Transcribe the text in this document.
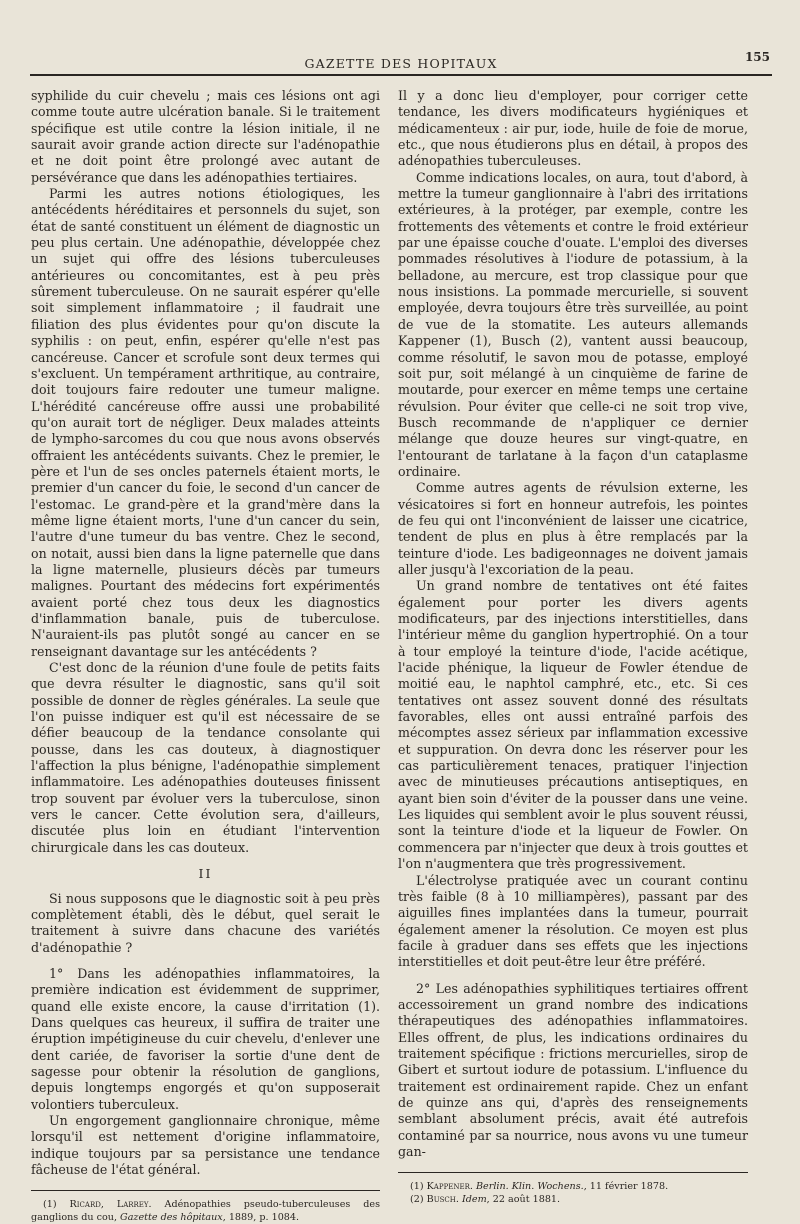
GAZETTE DES HOPITAUX	155

syphilide du cuir chevelu ; mais ces lésions ont agi comme toute autre ulcération banale. Si le traitement spécifique est utile contre la lésion initiale, il ne saurait avoir grande action directe sur l'adénopathie et ne doit point être prolongé avec autant de persévérance que dans les adénopathies tertiaires.

Parmi les autres notions étiologiques, les antécédents héréditaires et personnels du sujet, son état de santé constituent un élément de diagnostic un peu plus certain. Une adénopathie, développée chez un sujet qui offre des lésions tuberculeuses antérieures ou concomitantes, est à peu près sûrement tuberculeuse. On ne saurait espérer qu'elle soit simplement inflammatoire ; il faudrait une filiation des plus évidentes pour qu'on discute la syphilis : on peut, enfin, espérer qu'elle n'est pas cancéreuse. Cancer et scrofule sont deux termes qui s'excluent. Un tempérament arthritique, au contraire, doit toujours faire redouter une tumeur maligne. L'hérédité cancéreuse offre aussi une probabilité qu'on aurait tort de négliger. Deux malades atteints de lympho-sarcomes du cou que nous avons observés offraient les antécédents suivants. Chez le premier, le père et l'un de ses oncles paternels étaient morts, le premier d'un cancer du foie, le second d'un cancer de l'estomac. Le grand-père et la grand'mère dans la même ligne étaient morts, l'une d'un cancer du sein, l'autre d'une tumeur du bas ventre. Chez le second, on notait, aussi bien dans la ligne paternelle que dans la ligne maternelle, plusieurs décès par tumeurs malignes. Pourtant des médecins fort expérimentés avaient porté chez tous deux les diagnostics d'inflammation banale, puis de tuberculose. N'auraient-ils pas plutôt songé au cancer en se renseignant davantage sur les antécédents ?

C'est donc de la réunion d'une foule de petits faits que devra résulter le diagnostic, sans qu'il soit possible de donner de règles générales. La seule que l'on puisse indiquer est qu'il est nécessaire de se défier beaucoup de la tendance consolante qui pousse, dans les cas douteux, à diagnostiquer l'affection la plus bénigne, l'adénopathie simplement inflammatoire. Les adénopathies douteuses finissent trop souvent par évoluer vers la tuberculose, sinon vers le cancer. Cette évolution sera, d'ailleurs, discutée plus loin en étudiant l'intervention chirurgicale dans les cas douteux.

II

Si nous supposons que le diagnostic soit à peu près complètement établi, dès le début, quel serait le traitement à suivre dans chacune des variétés d'adénopathie ?

1° Dans les adénopathies inflammatoires, la première indication est évidemment de supprimer, quand elle existe encore, la cause d'irritation (1). Dans quelques cas heureux, il suffira de traiter une éruption impétigineuse du cuir chevelu, d'enlever une dent cariée, de favoriser la sortie d'une dent de sagesse pour obtenir la résolution de ganglions, depuis longtemps engorgés et qu'on supposerait volontiers tuberculeux.

Un engorgement ganglionnaire chronique, même lorsqu'il est nettement d'origine inflammatoire, indique toujours par sa persistance une tendance fâcheuse de l'état général.

(1) Ricard, Larrey. Adénopathies pseudo-tuberculeuses des ganglions du cou, Gazette des hôpitaux, 1889, p. 1084.

Il y a donc lieu d'employer, pour corriger cette tendance, les divers modificateurs hygiéniques et médicamenteux : air pur, iode, huile de foie de morue, etc., que nous étudierons plus en détail, à propos des adénopathies tuberculeuses.

Comme indications locales, on aura, tout d'abord, à mettre la tumeur ganglionnaire à l'abri des irritations extérieures, à la protéger, par exemple, contre les frottements des vêtements et contre le froid extérieur par une épaisse couche d'ouate. L'emploi des diverses pommades résolutives à l'iodure de potassium, à la belladone, au mercure, est trop classique pour que nous insistions. La pommade mercurielle, si souvent employée, devra toujours être très surveillée, au point de vue de la stomatite. Les auteurs allemands Kappener (1), Busch (2), vantent aussi beaucoup, comme résolutif, le savon mou de potasse, employé soit pur, soit mélangé à un cinquième de farine de moutarde, pour exercer en même temps une certaine révulsion. Pour éviter que celle-ci ne soit trop vive, Busch recommande de n'appliquer ce dernier mélange que douze heures sur vingt-quatre, en l'entourant de tarlatane à la façon d'un cataplasme ordinaire.

Comme autres agents de révulsion externe, les vésicatoires si fort en honneur autrefois, les pointes de feu qui ont l'inconvénient de laisser une cicatrice, tendent de plus en plus à être remplacés par la teinture d'iode. Les badigeonnages ne doivent jamais aller jusqu'à l'excoriation de la peau.

Un grand nombre de tentatives ont été faites également pour porter les divers agents modificateurs, par des injections interstitielles, dans l'intérieur même du ganglion hypertrophié. On a tour à tour employé la teinture d'iode, l'acide acétique, l'acide phénique, la liqueur de Fowler étendue de moitié eau, le naphtol camphré, etc., etc. Si ces tentatives ont assez souvent donné des résultats favorables, elles ont aussi entraîné parfois des mécomptes assez sérieux par inflammation excessive et suppuration. On devra donc les réserver pour les cas particulièrement tenaces, pratiquer l'injection avec de minutieuses précautions antiseptiques, en ayant bien soin d'éviter de la pousser dans une veine. Les liquides qui semblent avoir le plus souvent réussi, sont la teinture d'iode et la liqueur de Fowler. On commencera par n'injecter que deux à trois gouttes et l'on n'augmentera que très progressivement.

L'électrolyse pratiquée avec un courant continu très faible (8 à 10 milliampères), passant par des aiguilles fines implantées dans la tumeur, pourrait également amener la résolution. Ce moyen est plus facile à graduer dans ses effets que les injections interstitielles et doit peut-être leur être préféré.

2° Les adénopathies syphilitiques tertiaires offrent accessoirement un grand nombre des indications thérapeutiques des adénopathies inflammatoires. Elles offrent, de plus, les indications ordinaires du traitement spécifique : frictions mercurielles, sirop de Gibert et surtout iodure de potassium. L'influence du traitement est ordinairement rapide. Chez un enfant de quinze ans qui, d'après des renseignements semblant absolument précis, avait été autrefois contaminé par sa nourrice, nous avons vu une tumeur gan-

(1) Kappener. Berlin. Klin. Wochens., 11 février 1878.

(2) Busch. Idem, 22 août 1881.
